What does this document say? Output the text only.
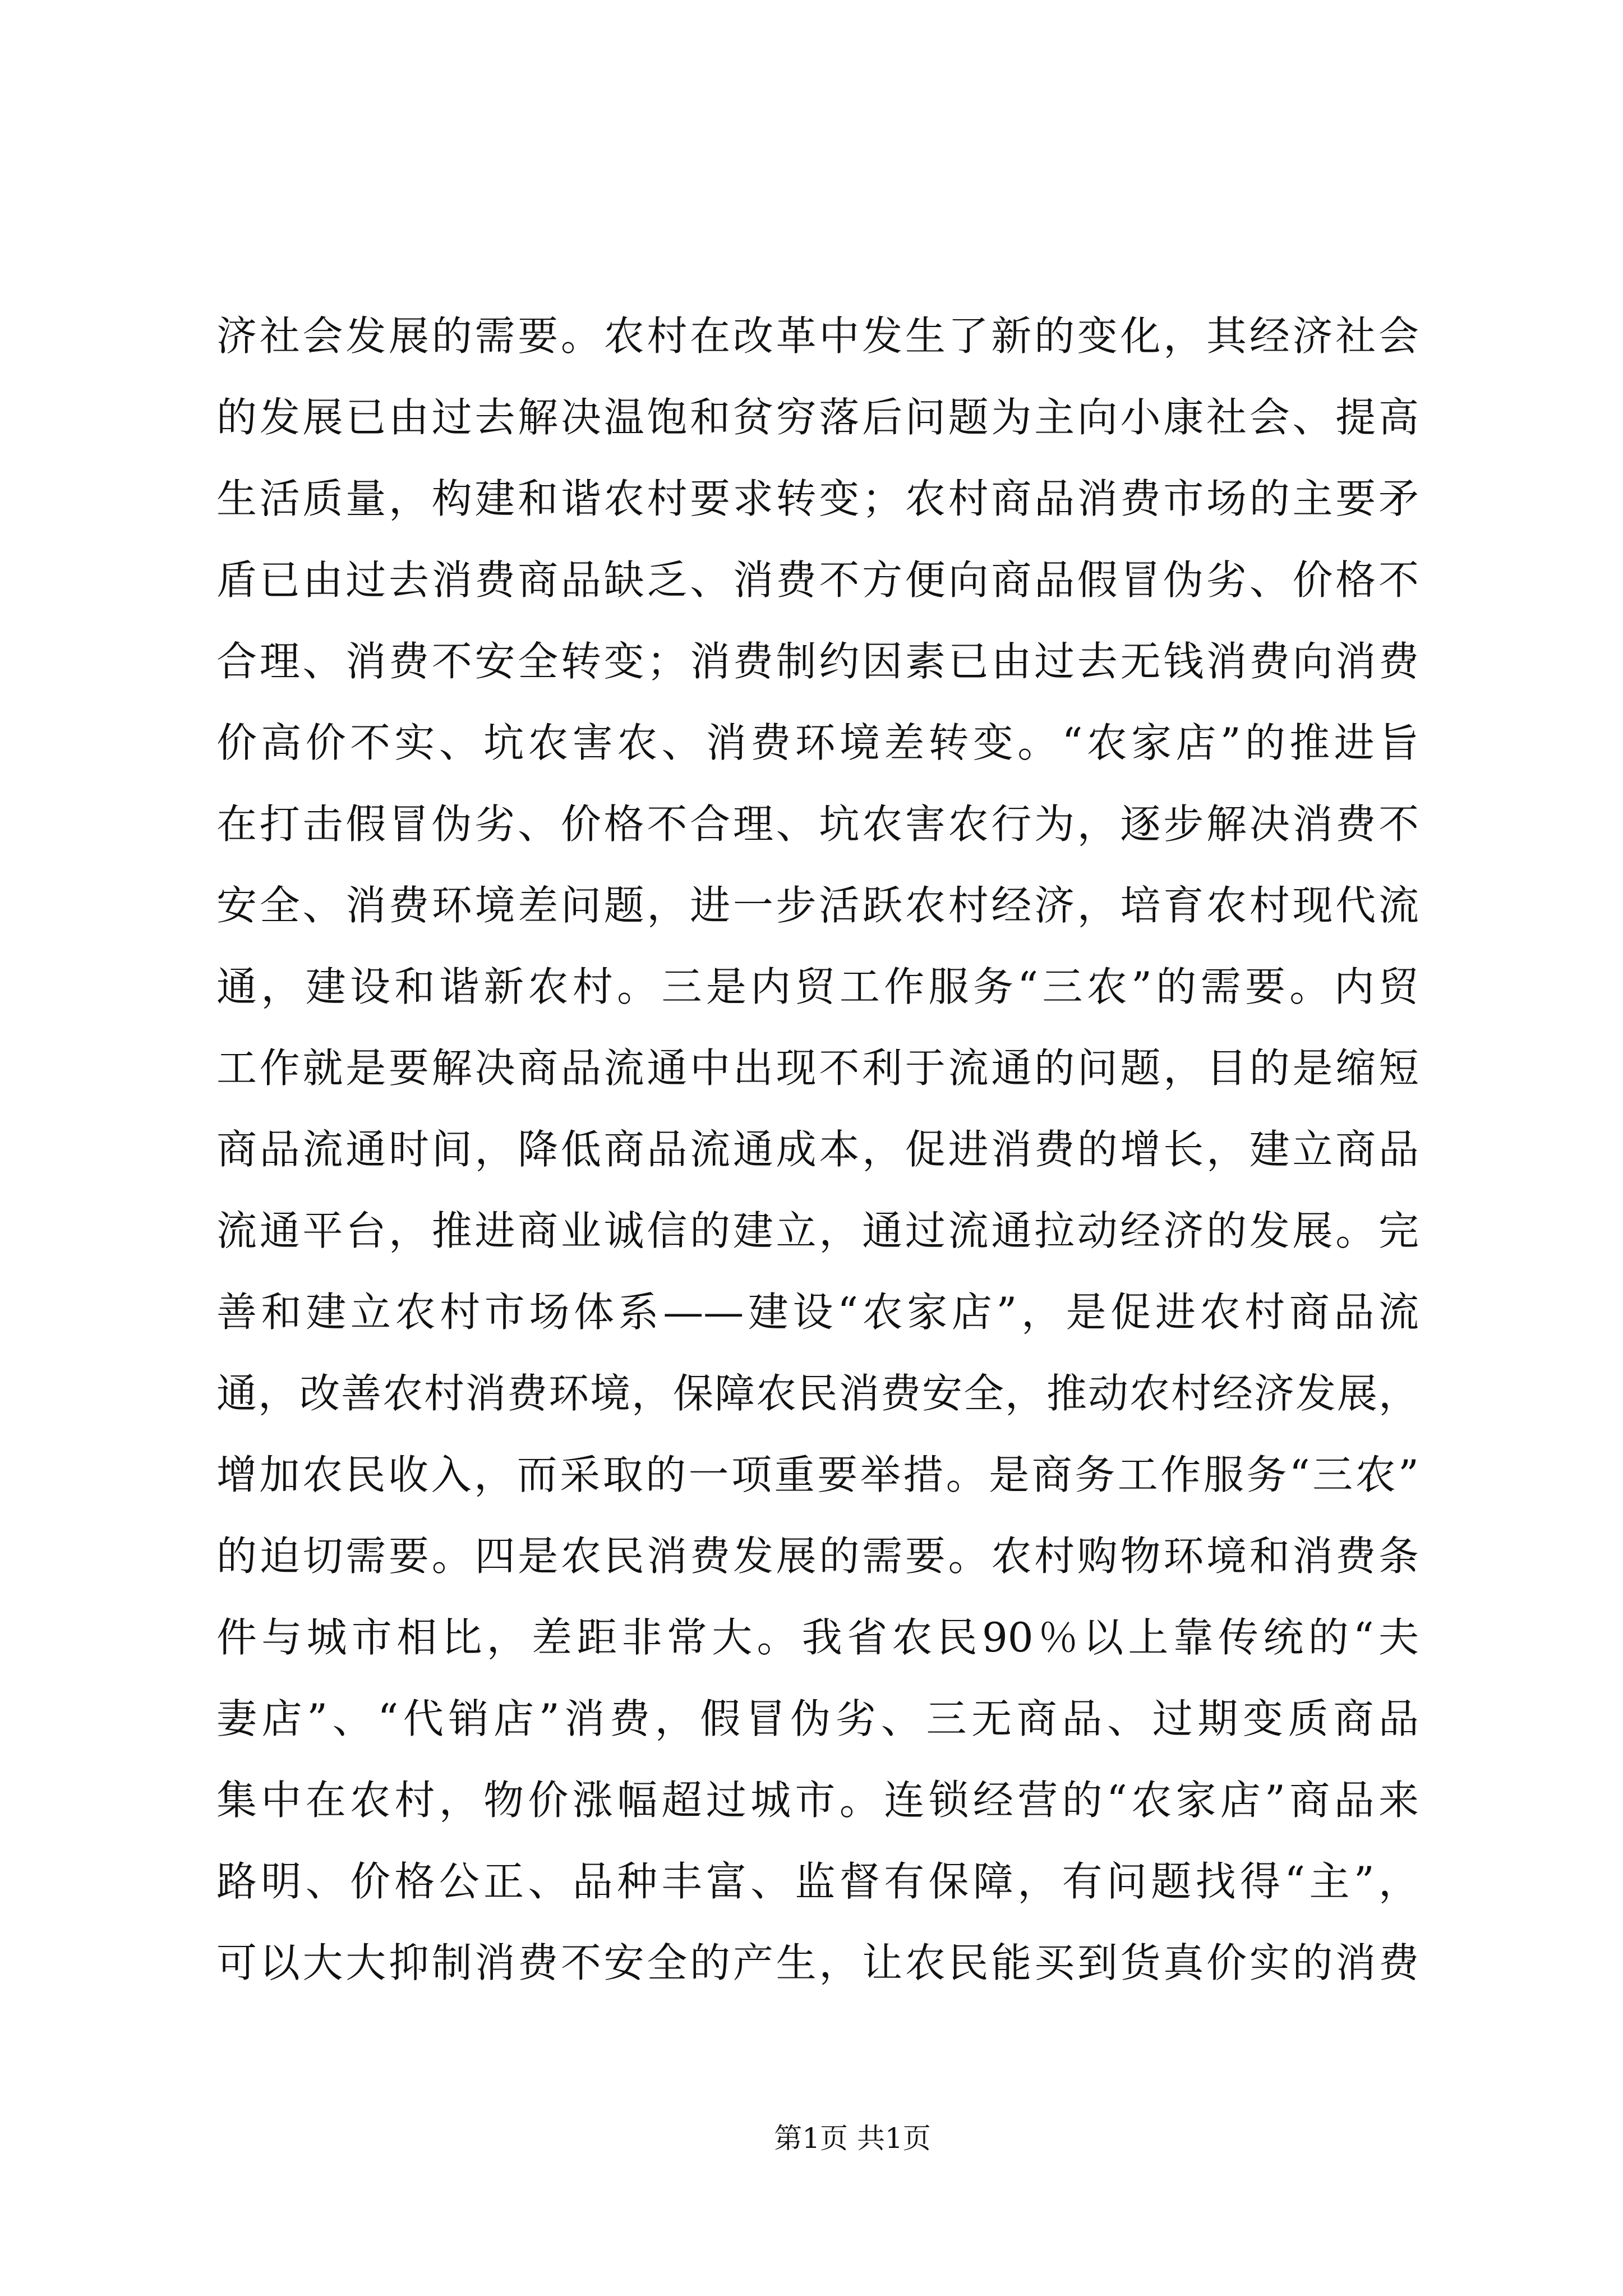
济社会发展的需要。农村在改革中发生了新的变化，其经济社会
的发展已由过去解决温饱和贫穷落后问题为主向小康社会、提高
生活质量，构建和谐农村要求转变；农村商品消费市场的主要矛
盾已由过去消费商品缺乏、消费不方便向商品假冒伪劣、价格不
合理、消费不安全转变；消费制约因素已由过去无钱消费向消费
价高价不实、坑农害农、消费环境差转变。“农家店”的推进旨
在打击假冒伪劣、价格不合理、坑农害农行为，逐步解决消费不
安全、消费环境差问题，进一步活跃农村经济，培育农村现代流
通，建设和谐新农村。三是内贸工作服务“三农”的需要。内贸
工作就是要解决商品流通中出现不利于流通的问题，目的是缩短
商品流通时间，降低商品流通成本，促进消费的增长，建立商品
流通平台，推进商业诚信的建立，通过流通拉动经济的发展。完
善和建立农村市场体系——建设“农家店”，是促进农村商品流
通，改善农村消费环境，保障农民消费安全，推动农村经济发展，
增加农民收入，而采取的一项重要举措。是商务工作服务“三农”
的迫切需要。四是农民消费发展的需要。农村购物环境和消费条
件与城市相比，差距非常大。我省农民90％以上靠传统的“夫
妻店”、“代销店”消费，假冒伪劣、三无商品、过期变质商品
集中在农村，物价涨幅超过城市。连锁经营的“农家店”商品来
路明、价格公正、品种丰富、监督有保障，有问题找得“主”，
可以大大抑制消费不安全的产生，让农民能买到货真价实的消费
第1页 共1页
